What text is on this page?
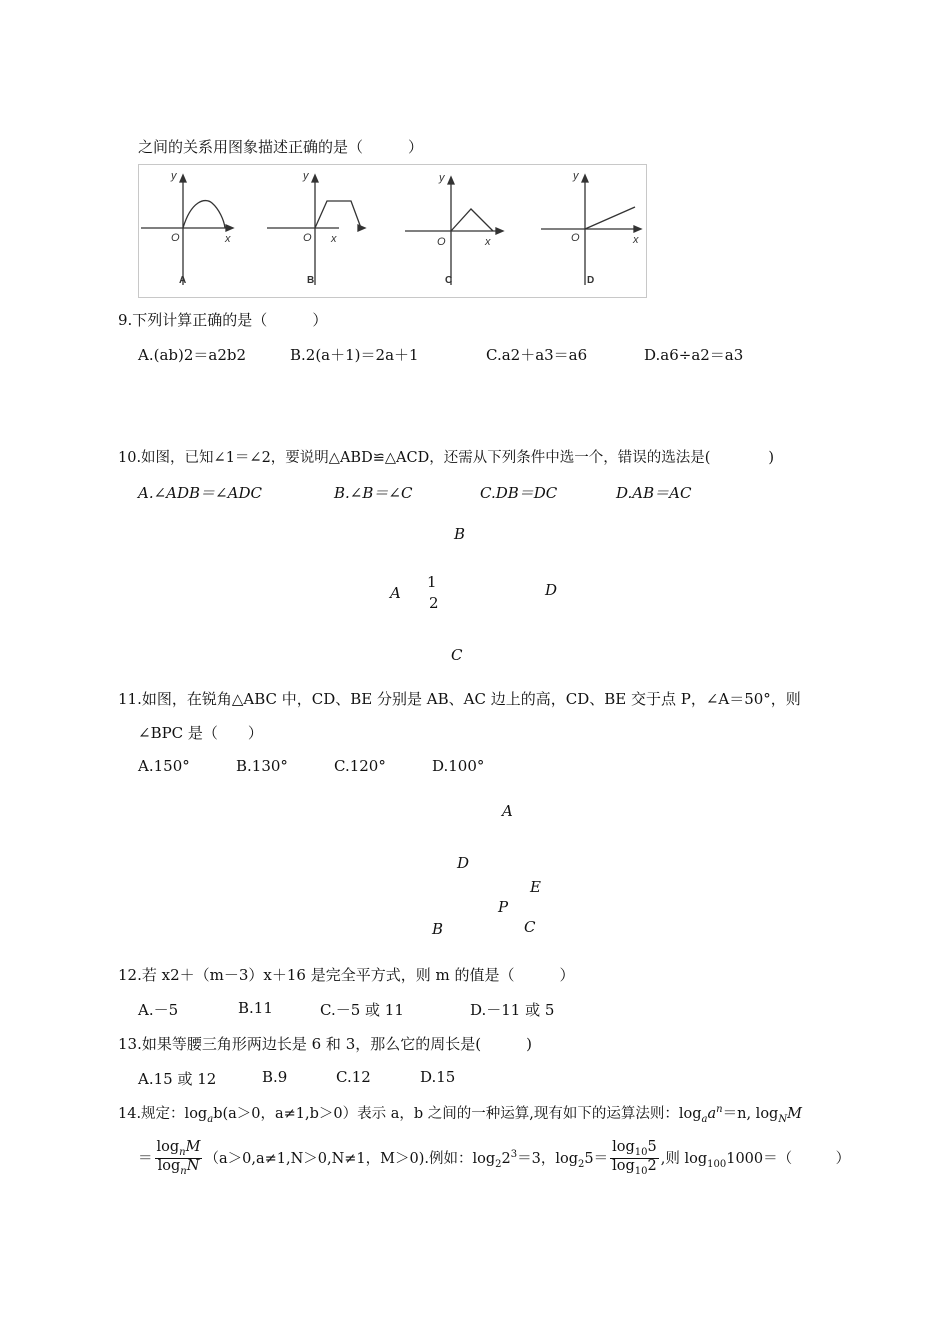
之间的关系用图象描述正确的是（　　　）
y
x
O
y
x
O
y
x
O
y
x
O
A	B	C	D
9.下列计算正确的是（　　　）
A.(ab)2＝a2b2	B.2(a＋1)＝2a＋1	C.a2＋a3＝a6	D.a6÷a2＝a3
10.如图，已知∠1＝∠2，要说明△ABD≌△ACD，还需从下列条件中选一个，错误的选法是(　　　　)
A.∠ADB＝∠ADC	B.∠B＝∠C	C.DB＝DC	D.AB＝AC
B
A
1
2
D
C
11.如图，在锐角△ABC 中，CD、BE 分别是 AB、AC 边上的高，CD、BE 交于点 P，∠A＝50°，则
∠BPC 是（　　）
A.150°	B.130°	C.120°	D.100°
A
D
E
P
B	C
12.若 x2＋（m－3）x＋16 是完全平方式，则 m 的值是（　　　）
A.－5	B.11	C.－5 或 11	D.－11 或 5
13.如果等腰三角形两边长是 6 和 3，那么它的周长是(　　　)
A.15 或 12	B.9	C.12	D.15
14.规定：$\log_ab(a>0$，a≠1,b＞0）表示 a，b 之间的一种运算,现有如下的运算法则：$\log_aa^n=n$, $\log_NM$
＝ $\frac{\log_nM}{\log_nN} (a>0,a\ne 1,N>0,N\ne 1$，M＞0).例如：$\log_22^3=3$，$\log_25= \frac{\log_{10}5}{\log_{10}2}$ ,则 $\log_{100}1000=$（　　　）
